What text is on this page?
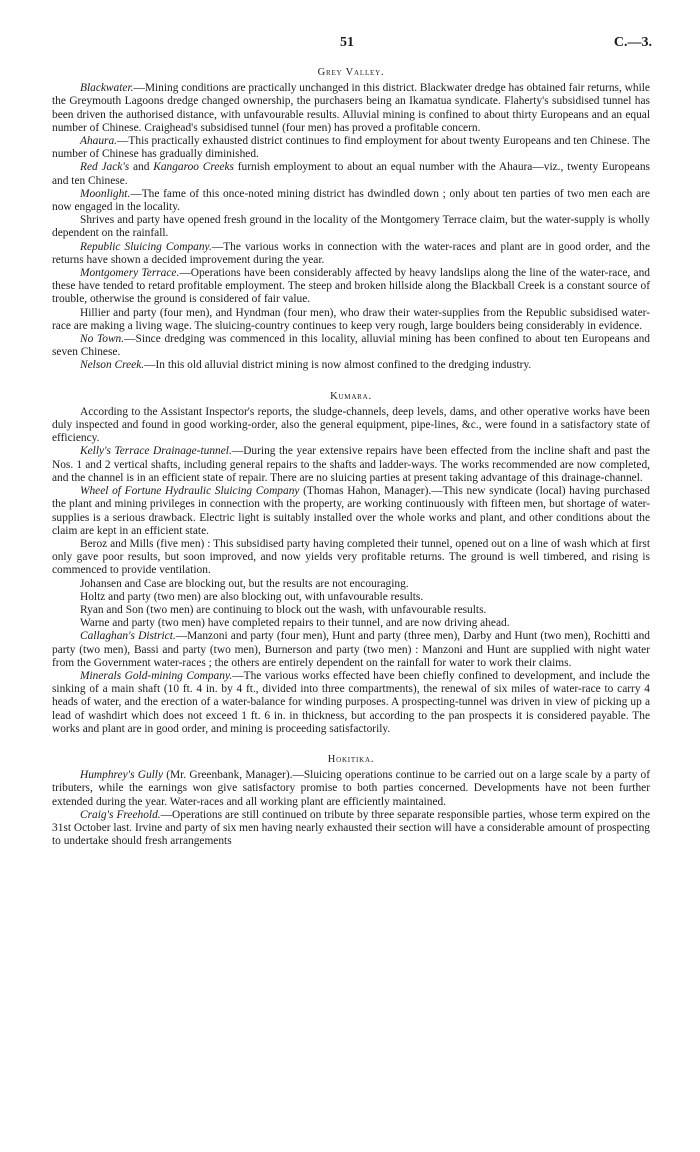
51	C.—3.
Grey Valley.

Blackwater.—Mining conditions are practically unchanged in this district. Blackwater dredge has obtained fair returns, while the Greymouth Lagoons dredge changed ownership, the purchasers being an Ikamatua syndicate. Flaherty's subsidised tunnel has been driven the authorised distance, with unfavourable results. Alluvial mining is confined to about thirty Europeans and an equal number of Chinese. Craighead's subsidised tunnel (four men) has proved a profitable concern.

Ahaura.—This practically exhausted district continues to find employment for about twenty Europeans and ten Chinese. The number of Chinese has gradually diminished.

Red Jack's and Kangaroo Creeks furnish employment to about an equal number with the Ahaura—viz., twenty Europeans and ten Chinese.

Moonlight.—The fame of this once-noted mining district has dwindled down ; only about ten parties of two men each are now engaged in the locality.

Shrives and party have opened fresh ground in the locality of the Montgomery Terrace claim, but the water-supply is wholly dependent on the rainfall.

Republic Sluicing Company.—The various works in connection with the water-races and plant are in good order, and the returns have shown a decided improvement during the year.

Montgomery Terrace.—Operations have been considerably affected by heavy landslips along the line of the water-race, and these have tended to retard profitable employment. The steep and broken hillside along the Blackball Creek is a constant source of trouble, otherwise the ground is considered of fair value.

Hillier and party (four men), and Hyndman (four men), who draw their water-supplies from the Republic subsidised water-race are making a living wage. The sluicing-country continues to keep very rough, large boulders being considerably in evidence.

No Town.—Since dredging was commenced in this locality, alluvial mining has been confined to about ten Europeans and seven Chinese.

Nelson Creek.—In this old alluvial district mining is now almost confined to the dredging industry.

Kumara.

According to the Assistant Inspector's reports, the sludge-channels, deep levels, dams, and other operative works have been duly inspected and found in good working-order, also the general equipment, pipe-lines, &c., were found in a satisfactory state of efficiency.

Kelly's Terrace Drainage-tunnel.—During the year extensive repairs have been effected from the incline shaft and past the Nos. 1 and 2 vertical shafts, including general repairs to the shafts and ladder-ways. The works recommended are now completed, and the channel is in an efficient state of repair. There are no sluicing parties at present taking advantage of this drainage-channel.

Wheel of Fortune Hydraulic Sluicing Company (Thomas Hahon, Manager).—This new syndicate (local) having purchased the plant and mining privileges in connection with the property, are working continuously with fifteen men, but shortage of water-supplies is a serious drawback. Electric light is suitably installed over the whole works and plant, and other conditions about the claim are kept in an efficient state.

Beroz and Mills (five men) : This subsidised party having completed their tunnel, opened out on a line of wash which at first only gave poor results, but soon improved, and now yields very profitable returns. The ground is well timbered, and rising is commenced to provide ventilation.

Johansen and Case are blocking out, but the results are not encouraging.

Holtz and party (two men) are also blocking out, with unfavourable results.

Ryan and Son (two men) are continuing to block out the wash, with unfavourable results.

Warne and party (two men) have completed repairs to their tunnel, and are now driving ahead.

Callaghan's District.—Manzoni and party (four men), Hunt and party (three men), Darby and Hunt (two men), Rochitti and party (two men), Bassi and party (two men), Burnerson and party (two men) : Manzoni and Hunt are supplied with night water from the Government water-races ; the others are entirely dependent on the rainfall for water to work their claims.

Minerals Gold-mining Company.—The various works effected have been chiefly confined to development, and include the sinking of a main shaft (10 ft. 4 in. by 4 ft., divided into three compartments), the renewal of six miles of water-race to carry 4 heads of water, and the erection of a water-balance for winding purposes. A prospecting-tunnel was driven in view of picking up a lead of washdirt which does not exceed 1 ft. 6 in. in thickness, but according to the pan prospects it is considered payable. The works and plant are in good order, and mining is proceeding satisfactorily.

Hokitika.

Humphrey's Gully (Mr. Greenbank, Manager).—Sluicing operations continue to be carried out on a large scale by a party of tributers, while the earnings won give satisfactory promise to both parties concerned. Developments have not been further extended during the year. Water-races and all working plant are efficiently maintained.

Craig's Freehold.—Operations are still continued on tribute by three separate responsible parties, whose term expired on the 31st October last. Irvine and party of six men having nearly exhausted their section will have a considerable amount of prospecting to undertake should fresh arrangements
